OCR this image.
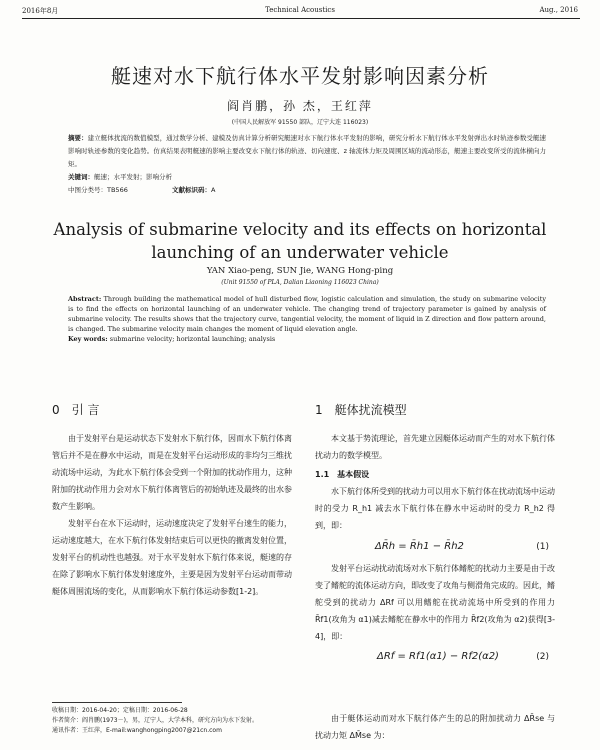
2016年8月	Technical Acoustics	Aug., 2016
艇速对水下航行体水平发射影响因素分析
阎肖鹏，孙 杰，王红萍
(中国人民解放军 91550 部队，辽宁大连 116023)
摘要：建立艇体扰流的数值模型，通过数学分析、建模及仿真计算分析研究艇速对水下航行体水平发射的影响，研究分析水下航行体水平发射弹出水时轨迹参数受艇速影响时轨迹参数的变化趋势。仿真结果表明艇速的影响主要改变水下航行体的轨迹、切向速度、z 轴流体力矩及周围区域的流动形态，艇速主要改变所受的流体横向力矩。
关键词：艇速；水平发射；影响分析
中图分类号：TB566	文献标识码：A
Analysis of submarine velocity and its effects on horizontal
launching of an underwater vehicle
YAN Xiao-peng, SUN Jie, WANG Hong-ping
(Unit 91550 of PLA, Dalian Liaoning 116023 China)
Abstract: Through building the mathematical model of hull disturbed flow, logistic calculation and simulation, the study on submarine velocity is to find the effects on horizontal launching of an underwater vehicle. The changing trend of trajectory parameter is gained by analysis of submarine velocity. The results shows that the trajectory curve, tangential velocity, the moment of liquid in Z direction and flow pattern around, is changed. The submarine velocity main changes the moment of liquid elevation angle.
Key words: submarine velocity; horizontal launching; analysis
0　引 言

由于发射平台是运动状态下发射水下航行体，因而水下航行体离管后并不是在静水中运动，而是在发射平台运动形成的非均匀三维扰动流场中运动，为此水下航行体会受到一个附加的扰动作用力，这种附加的扰动作用力会对水下航行体离管后的初始轨迹及最终的出水参数产生影响。

发射平台在水下运动时，运动速度决定了发射平台速生的能力，运动速度越大，在水下航行体发射结束后可以更快的撤离发射位置，发射平台的机动性也越强。对于水平发射水下航行体来说，艇速的存在除了影响水下航行体发射速度外，主要是因为发射平台运动而带动艇体周围流场的变化，从而影响水下航行体运动参数[1-2]。

1　艇体扰流模型

本文基于势流理论，首先建立因艇体运动而产生的对水下航行体扰动力的数学模型。

1.1　基本假设

水下航行体所受到的扰动力可以用水下航行体在扰动流场中运动时的受力 R_h1 减去水下航行体在静水中运动时的受力 R_h2 得到，即：

ΔR̄h = R̄h1 − R̄h2	(1)

发射平台运动扰动流场对水下航行体鳍舵的扰动力主要是由于改变了鳍舵的流体运动方向，即改变了攻角与侧滑角完成的。因此，鳍舵受到的扰动力 ΔRf 可以用鳍舵在扰动流场中所受到的作用力 R̄f1(攻角为 α1)减去鳍舵在静水中的作用力 R̄f2(攻角为 α2)获得[3-4]，即：

ΔRf = Rf1(α1) − Rf2(α2)	(2)

由于艇体运动而对水下航行体产生的总的附加扰动力 ΔR̄se 与扰动力矩 ΔM̄se 为：

收稿日期：2016-04-20；定稿日期：2016-06-28
作者简介：阎肖鹏(1973－)，男，辽宁人，大学本科，研究方向为水下发射。
通讯作者：王红萍，E-mail:wanghongping2007@21cn.com
